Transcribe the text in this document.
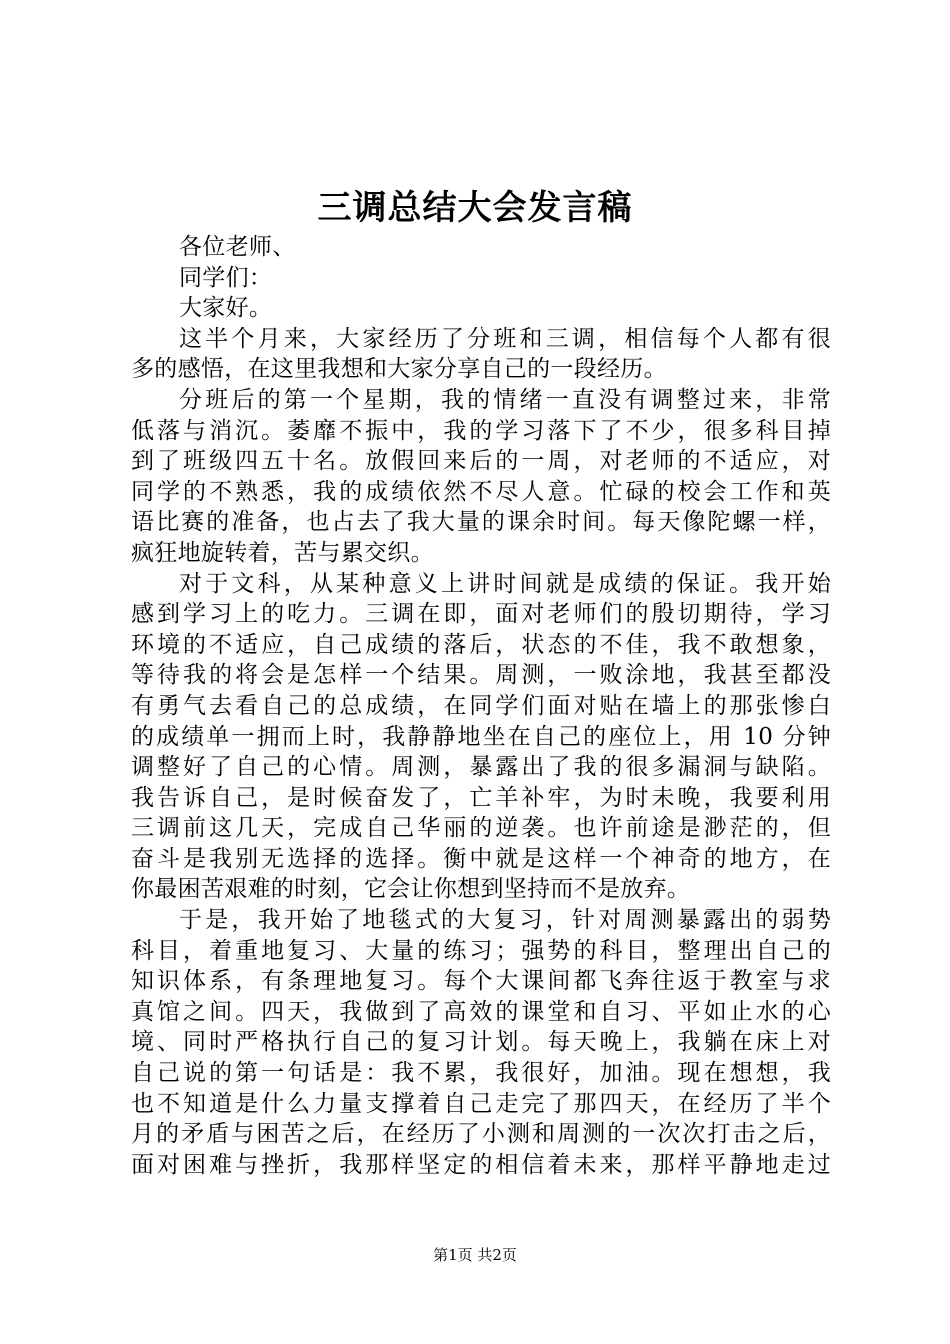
三调总结大会发言稿
各位老师、
同学们：
大家好。
这半个月来，大家经历了分班和三调，相信每个人都有很
多的感悟，在这里我想和大家分享自己的一段经历。
分班后的第一个星期，我的情绪一直没有调整过来，非常
低落与消沉。萎靡不振中，我的学习落下了不少，很多科目掉
到了班级四五十名。放假回来后的一周，对老师的不适应，对
同学的不熟悉，我的成绩依然不尽人意。忙碌的校会工作和英
语比赛的准备，也占去了我大量的课余时间。每天像陀螺一样，
疯狂地旋转着，苦与累交织。
对于文科，从某种意义上讲时间就是成绩的保证。我开始
感到学习上的吃力。三调在即，面对老师们的殷切期待，学习
环境的不适应，自己成绩的落后，状态的不佳，我不敢想象，
等待我的将会是怎样一个结果。周测，一败涂地，我甚至都没
有勇气去看自己的总成绩，在同学们面对贴在墙上的那张惨白
的成绩单一拥而上时，我静静地坐在自己的座位上，用 10 分钟
调整好了自己的心情。周测，暴露出了我的很多漏洞与缺陷。
我告诉自己，是时候奋发了，亡羊补牢，为时未晚，我要利用
三调前这几天，完成自己华丽的逆袭。也许前途是渺茫的，但
奋斗是我别无选择的选择。衡中就是这样一个神奇的地方，在
你最困苦艰难的时刻，它会让你想到坚持而不是放弃。
于是，我开始了地毯式的大复习，针对周测暴露出的弱势
科目，着重地复习、大量的练习；强势的科目，整理出自己的
知识体系，有条理地复习。每个大课间都飞奔往返于教室与求
真馆之间。四天，我做到了高效的课堂和自习、平如止水的心
境、同时严格执行自己的复习计划。每天晚上，我躺在床上对
自己说的第一句话是：我不累，我很好，加油。现在想想，我
也不知道是什么力量支撑着自己走完了那四天，在经历了半个
月的矛盾与困苦之后，在经历了小测和周测的一次次打击之后，
面对困难与挫折，我那样坚定的相信着未来，那样平静地走过
第1页 共2页
